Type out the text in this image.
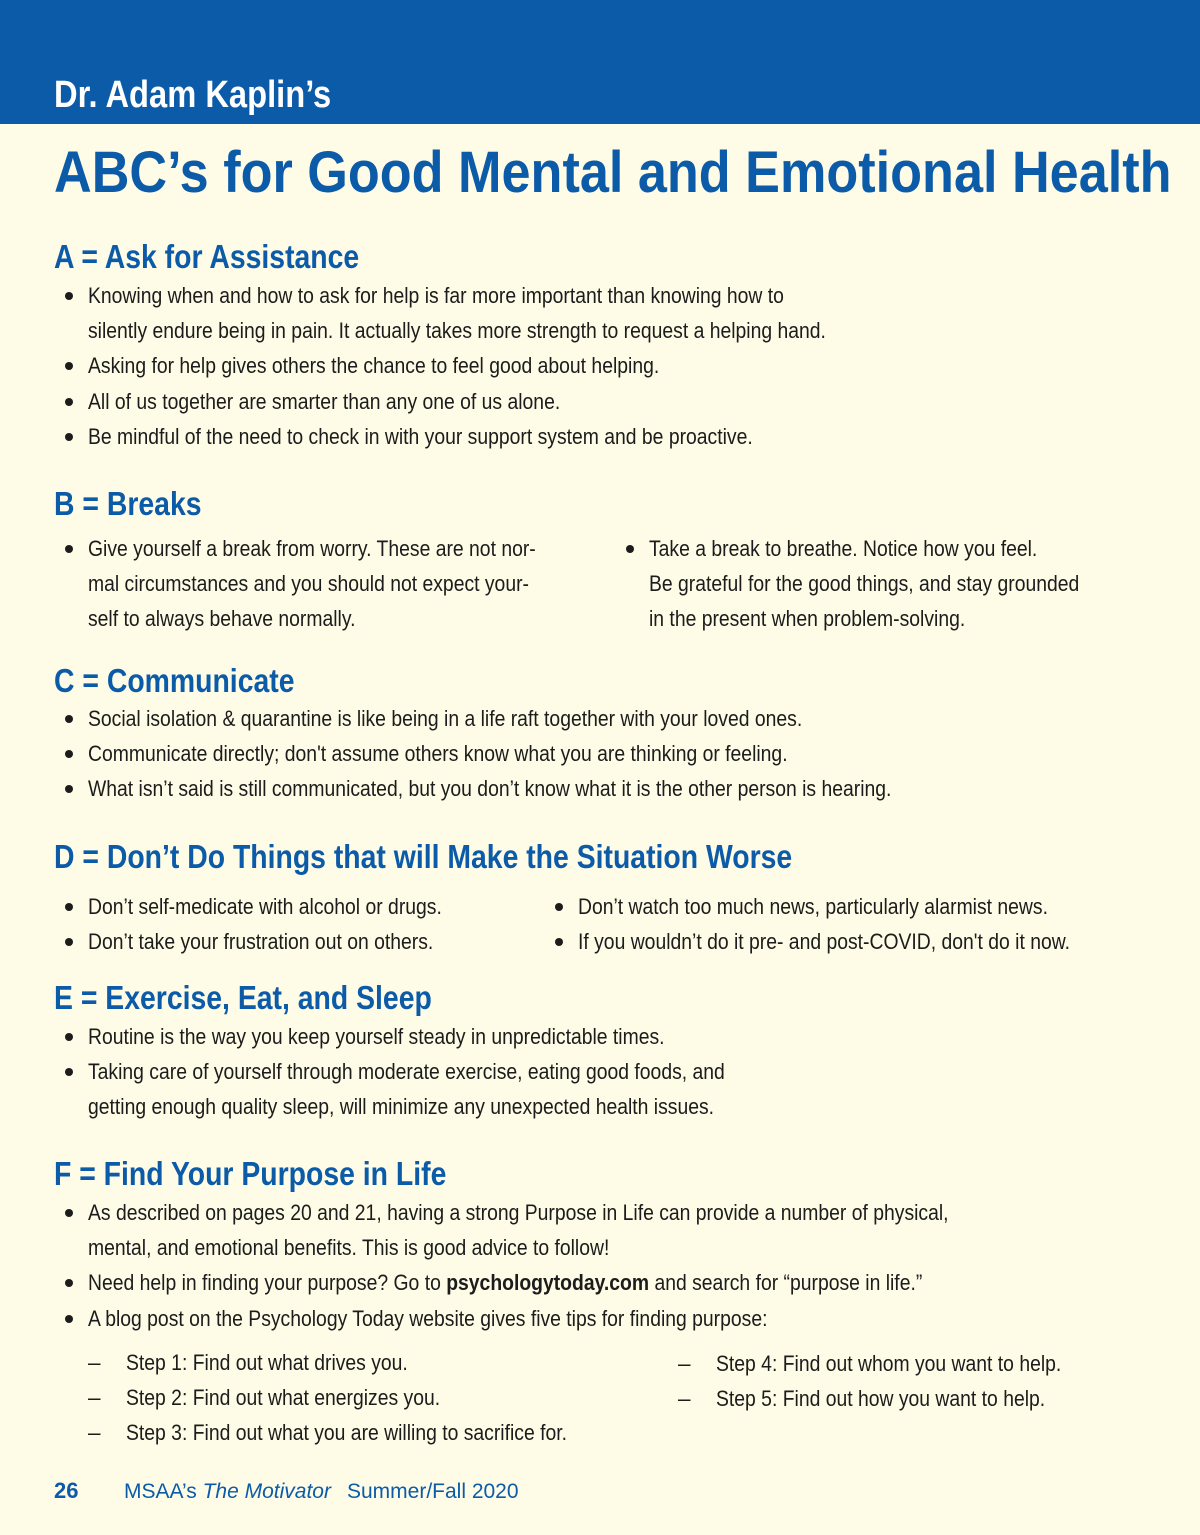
Dr. Adam Kaplin’s
ABC’s for Good Mental and Emotional Health
A = Ask for Assistance
Knowing when and how to ask for help is far more important than knowing how to
silently endure being in pain. It actually takes more strength to request a helping hand.
Asking for help gives others the chance to feel good about helping.
All of us together are smarter than any one of us alone.
Be mindful of the need to check in with your support system and be proactive.
B = Breaks
Give yourself a break from worry. These are not nor-
mal circumstances and you should not expect your-
self to always behave normally.
Take a break to breathe. Notice how you feel.
Be grateful for the good things, and stay grounded
in the present when problem-solving.
C = Communicate
Social isolation & quarantine is like being in a life raft together with your loved ones.
Communicate directly; don't assume others know what you are thinking or feeling.
What isn’t said is still communicated, but you don’t know what it is the other person is hearing.
D = Don’t Do Things that will Make the Situation Worse
Don’t self-medicate with alcohol or drugs.
Don’t take your frustration out on others.
Don’t watch too much news, particularly alarmist news.
If you wouldn’t do it pre- and post-COVID, don't do it now.
E = Exercise, Eat, and Sleep
Routine is the way you keep yourself steady in unpredictable times.
Taking care of yourself through moderate exercise, eating good foods, and
getting enough quality sleep, will minimize any unexpected health issues.
F = Find Your Purpose in Life
As described on pages 20 and 21, having a strong Purpose in Life can provide a number of physical,
mental, and emotional benefits. This is good advice to follow!
Need help in finding your purpose? Go to psychologytoday.com and search for “purpose in life.”
A blog post on the Psychology Today website gives five tips for finding purpose:
– Step 1: Find out what drives you.
– Step 2: Find out what energizes you.
– Step 3: Find out what you are willing to sacrifice for.
– Step 4: Find out whom you want to help.
– Step 5: Find out how you want to help.
26 MSAA’s The Motivator Summer/Fall 2020
